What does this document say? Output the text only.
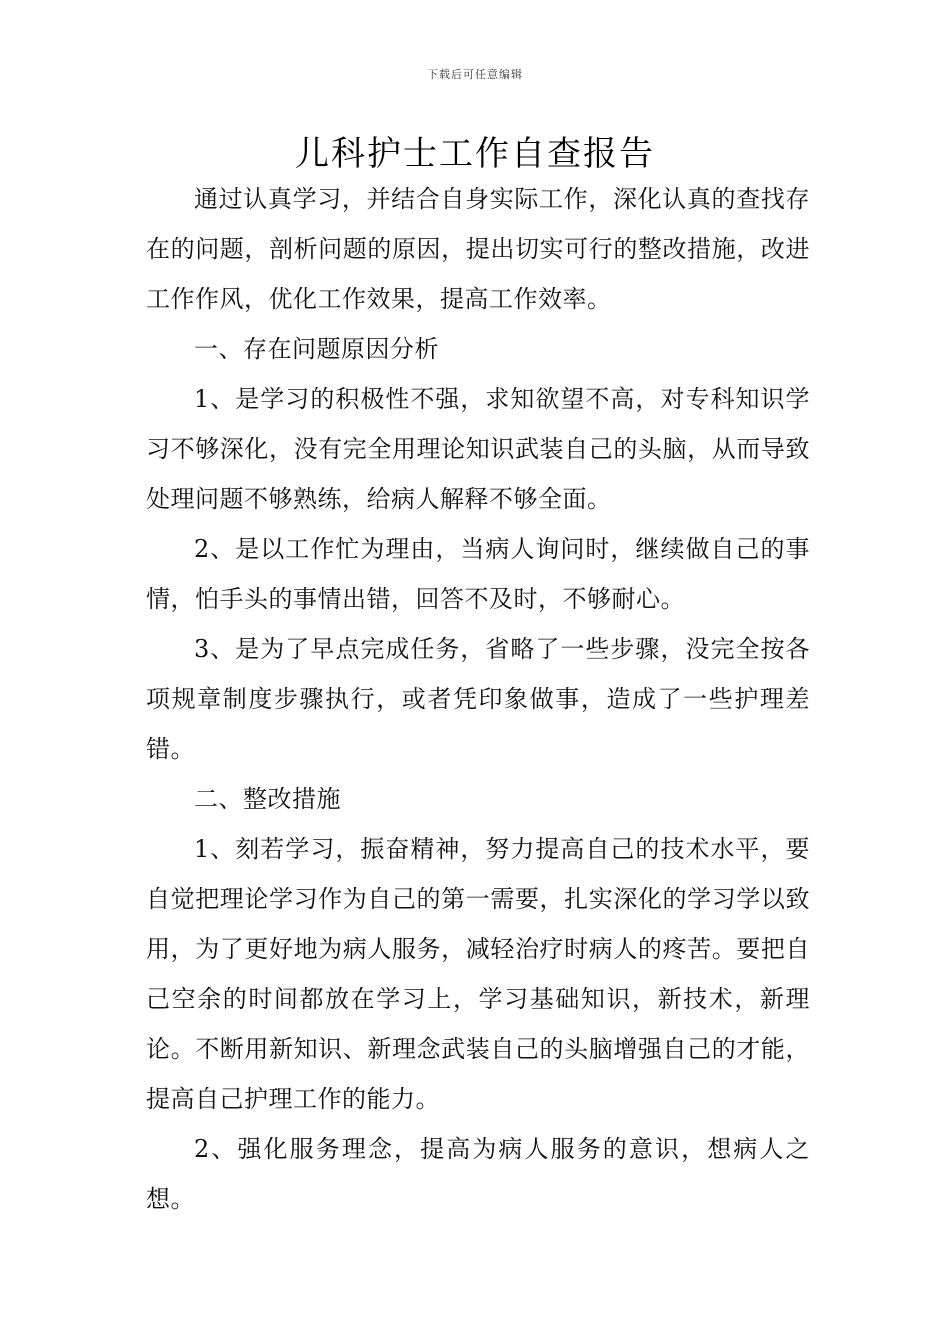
下载后可任意编辑
儿科护士工作自查报告

通过认真学习，并结合自身实际工作，深化认真的查找存在的问题，剖析问题的原因，提出切实可行的整改措施，改进工作作风，优化工作效果，提高工作效率。

一、存在问题原因分析

1、是学习的积极性不强，求知欲望不高，对专科知识学习不够深化，没有完全用理论知识武装自己的头脑，从而导致处理问题不够熟练，给病人解释不够全面。

2、是以工作忙为理由，当病人询问时，继续做自己的事情，怕手头的事情出错，回答不及时，不够耐心。

3、是为了早点完成任务，省略了一些步骤，没完全按各项规章制度步骤执行，或者凭印象做事，造成了一些护理差错。

二、整改措施

1、刻若学习，振奋精神，努力提高自己的技术水平，要自觉把理论学习作为自己的第一需要，扎实深化的学习学以致用，为了更好地为病人服务，减轻治疗时病人的疼苦。要把自己空余的时间都放在学习上，学习基础知识，新技术，新理论。不断用新知识、新理念武装自己的头脑增强自己的才能，提高自己护理工作的能力。

2、强化服务理念，提高为病人服务的意识，想病人之想。
